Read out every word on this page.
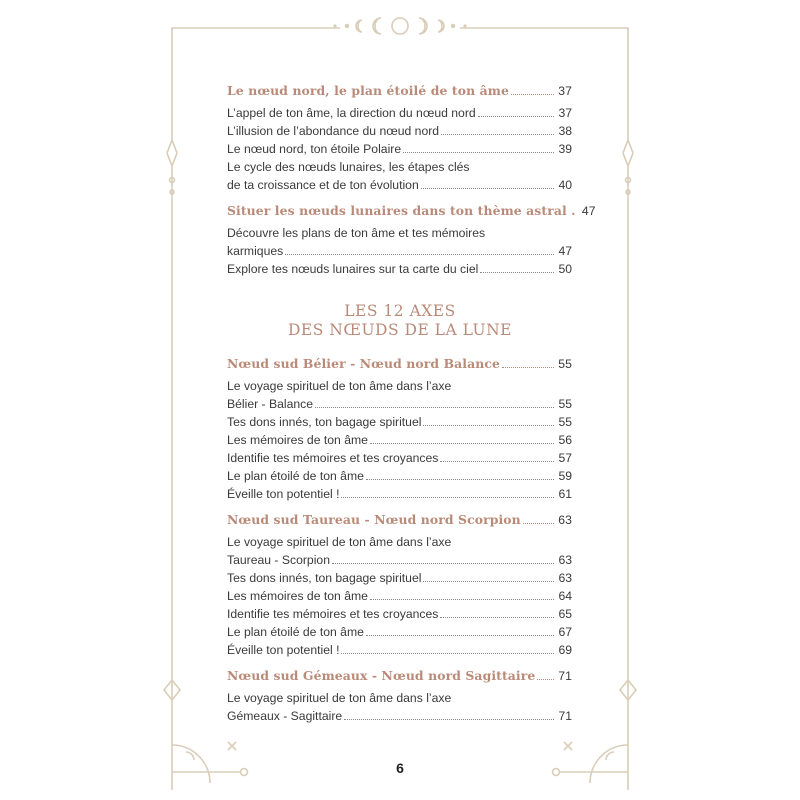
Le nœud nord, le plan étoilé de ton âme	37
L’appel de ton âme, la direction du nœud nord	37
L’illusion de l’abondance du nœud nord	38
Le nœud nord, ton étoile Polaire	39
Le cycle des nœuds lunaires, les étapes clés
de ta croissance et de ton évolution	40
Situer les nœuds lunaires dans ton thème astral . 47
Découvre les plans de ton âme et tes mémoires
karmiques	47
Explore tes nœuds lunaires sur ta carte du ciel	50
LES 12 AXES
DES NŒUDS DE LA LUNE
Nœud sud Bélier - Nœud nord Balance	55
Le voyage spirituel de ton âme dans l’axe
Bélier - Balance	55
Tes dons innés, ton bagage spirituel	55
Les mémoires de ton âme	56
Identifie tes mémoires et tes croyances	57
Le plan étoilé de ton âme	59
Éveille ton potentiel !	61
Nœud sud Taureau - Nœud nord Scorpion	63
Le voyage spirituel de ton âme dans l’axe
Taureau - Scorpion	63
Tes dons innés, ton bagage spirituel	63
Les mémoires de ton âme	64
Identifie tes mémoires et tes croyances	65
Le plan étoilé de ton âme	67
Éveille ton potentiel !	69
Nœud sud Gémeaux - Nœud nord Sagittaire 71
Le voyage spirituel de ton âme dans l’axe
Gémeaux - Sagittaire	71
6
